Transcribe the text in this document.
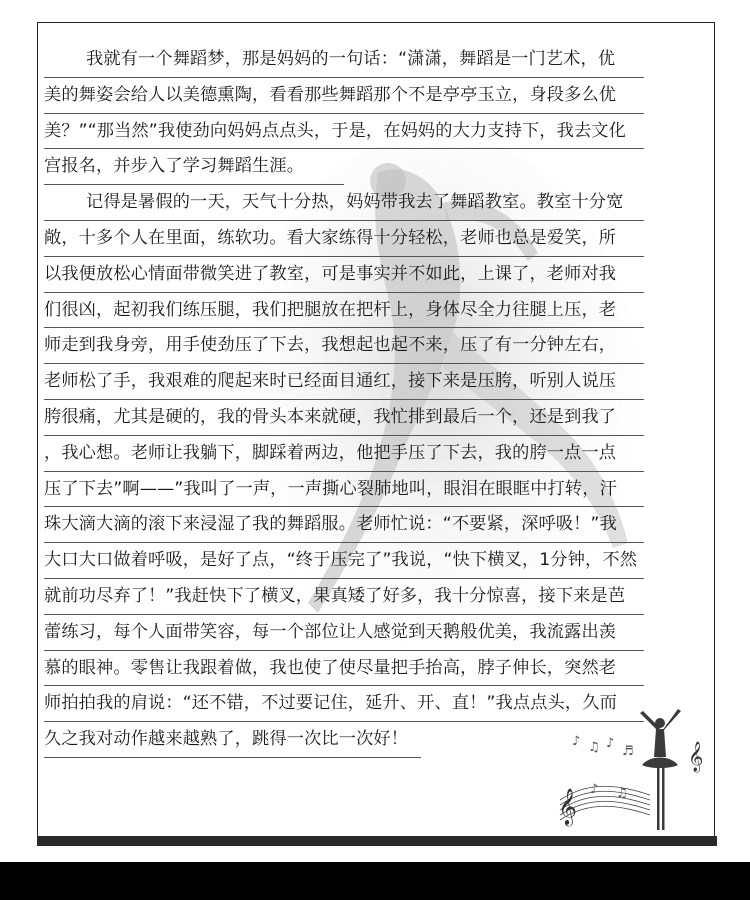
我就有一个舞蹈梦，那是妈妈的一句话：“潇潇，舞蹈是一门艺术，优
美的舞姿会给人以美德熏陶，看看那些舞蹈那个不是亭亭玉立，身段多么优
美？”“那当然”我使劲向妈妈点点头，于是，在妈妈的大力支持下，我去文化
宫报名，并步入了学习舞蹈生涯。
记得是暑假的一天，天气十分热，妈妈带我去了舞蹈教室。教室十分宽
敞，十多个人在里面，练软功。看大家练得十分轻松，老师也总是爱笑，所
以我便放松心情面带微笑进了教室，可是事实并不如此，上课了，老师对我
们很凶，起初我们练压腿，我们把腿放在把杆上，身体尽全力往腿上压，老
师走到我身旁，用手使劲压了下去，我想起也起不来，压了有一分钟左右，
老师松了手，我艰难的爬起来时已经面目通红，接下来是压胯，听别人说压
胯很痛，尤其是硬的，我的骨头本来就硬，我忙排到最后一个，还是到我了
，我心想。老师让我躺下，脚踩着两边，他把手压了下去，我的胯一点一点
压了下去”啊——”我叫了一声，一声撕心裂肺地叫，眼泪在眼眶中打转，汗
珠大滴大滴的滚下来浸湿了我的舞蹈服。老师忙说：“不要紧，深呼吸！”我
大口大口做着呼吸，是好了点，“终于压完了”我说，“快下横叉，1分钟，不然
就前功尽弃了！”我赶快下了横叉，果真矮了好多，我十分惊喜，接下来是芭
蕾练习，每个人面带笑容，每一个部位让人感觉到天鹅般优美，我流露出羡
慕的眼神。零售让我跟着做，我也使了使尽量把手抬高，脖子伸长，突然老
师拍拍我的肩说：“还不错，不过要记住，延升、开、直！”我点点头，久而
久之我对动作越来越熟了，跳得一次比一次好！
𝄞
♪ ♫ ♪
♬
♪ ♫
𝄞
